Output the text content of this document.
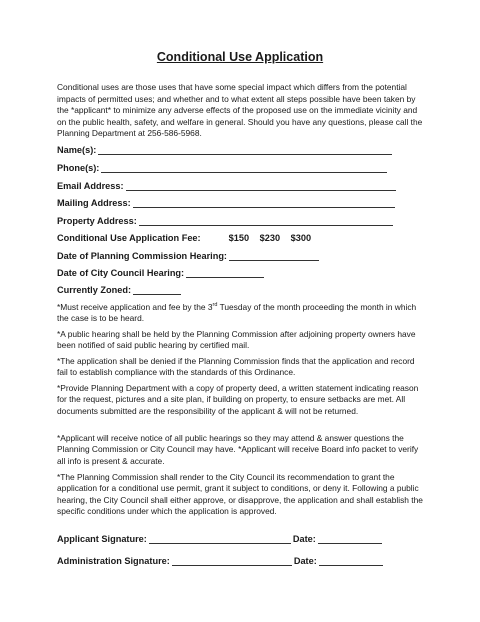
Conditional Use Application
Conditional uses are those uses that have some special impact which differs from the potential impacts of permitted uses; and whether and to what extent all steps possible have been taken by the *applicant* to minimize any adverse effects of the proposed use on the immediate vicinity and on the public health, safety, and welfare in general. Should you have any questions, please call the Planning Department at 256-586-5968.
Name(s):
Phone(s):
Email Address:
Mailing Address:
Property Address:
Conditional Use Application Fee:	$150 $230 $300
Date of Planning Commission Hearing:
Date of City Council Hearing:
Currently Zoned:
*Must receive application and fee by the 3rd Tuesday of the month proceeding the month in which the case is to be heard.
*A public hearing shall be held by the Planning Commission after adjoining property owners have been notified of said public hearing by certified mail.
*The application shall be denied if the Planning Commission finds that the application and record fail to establish compliance with the standards of this Ordinance.
*Provide Planning Department with a copy of property deed, a written statement indicating reason for the request, pictures and a site plan, if building on property, to ensure setbacks are met. All documents submitted are the responsibility of the applicant & will not be returned.
*Applicant will receive notice of all public hearings so they may attend & answer questions the Planning Commission or City Council may have. *Applicant will receive Board info packet to verify all info is present & accurate.
*The Planning Commission shall render to the City Council its recommendation to grant the application for a conditional use permit, grant it subject to conditions, or deny it. Following a public hearing, the City Council shall either approve, or disapprove, the application and shall establish the specific conditions under which the application is approved.
Applicant Signature:	Date:
Administration Signature:	Date:
